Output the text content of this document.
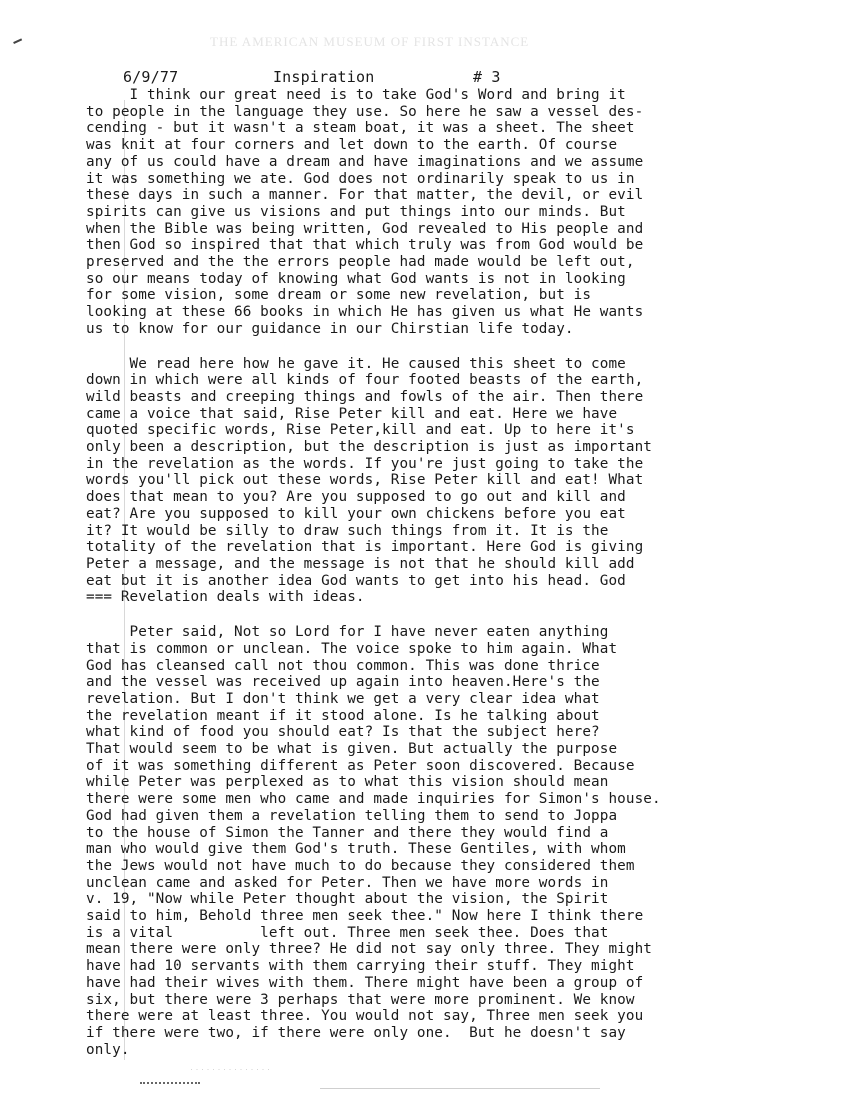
THE AMERICAN MUSEUM OF FIRST INSTANCE

6/9/77	Inspiration	# 3

I think our great need is to take God's Word and bring it

to people in the language they use. So here he saw a vessel des-

cending - but it wasn't a steam boat, it was a sheet. The sheet

was knit at four corners and let down to the earth. Of course

any of us could have a dream and have imaginations and we assume

it was something we ate. God does not ordinarily speak to us in

these days in such a manner. For that matter, the devil, or evil

spirits can give us visions and put things into our minds. But

when the Bible was being written, God revealed to His people and

then God so inspired that that which truly was from God would be

preserved and the the errors people had made would be left out,

so our means today of knowing what God wants is not in looking

for some vision, some dream or some new revelation, but is

looking at these 66 books in which He has given us what He wants

us to know for our guidance in our Chirstian life today.

We read here how he gave it. He caused this sheet to come

down in which were all kinds of four footed beasts of the earth,

wild beasts and creeping things and fowls of the air. Then there

came a voice that said, Rise Peter kill and eat. Here we have

quoted specific words, Rise Peter,kill and eat. Up to here it's

only been a description, but the description is just as important

in the revelation as the words. If you're just going to take the

words you'll pick out these words, Rise Peter kill and eat! What

does that mean to you? Are you supposed to go out and kill and

eat? Are you supposed to kill your own chickens before you eat

it? It would be silly to draw such things from it. It is the

totality of the revelation that is important. Here God is giving

Peter a message, and the message is not that he should kill add

eat but it is another idea God wants to get into his head. God

=== Revelation deals with ideas.

Peter said, Not so Lord for I have never eaten anything

that is common or unclean. The voice spoke to him again. What

God has cleansed call not thou common. This was done thrice

and the vessel was received up again into heaven.Here's the

revelation. But I don't think we get a very clear idea what

the revelation meant if it stood alone. Is he talking about

what kind of food you should eat? Is that the subject here?

That would seem to be what is given. But actually the purpose

of it was something different as Peter soon discovered. Because

while Peter was perplexed as to what this vision should mean

there were some men who came and made inquiries for Simon's house.

God had given them a revelation telling them to send to Joppa

to the house of Simon the Tanner and there they would find a

man who would give them God's truth. These Gentiles, with whom

the Jews would not have much to do because they considered them

unclean came and asked for Peter. Then we have more words in

v. 19, "Now while Peter thought about the vision, the Spirit

said to him, Behold three men seek thee." Now here I think there

is a vital          left out. Three men seek thee. Does that

mean there were only three? He did not say only three. They might

have had 10 servants with them carrying their stuff. They might

have had their wives with them. There might have been a group of

six, but there were 3 perhaps that were more prominent. We know

there were at least three. You would not say, Three men seek you

if there were two, if there were only one.  But he doesn't say

only.

· · · · · · · · · · · · · · ·
